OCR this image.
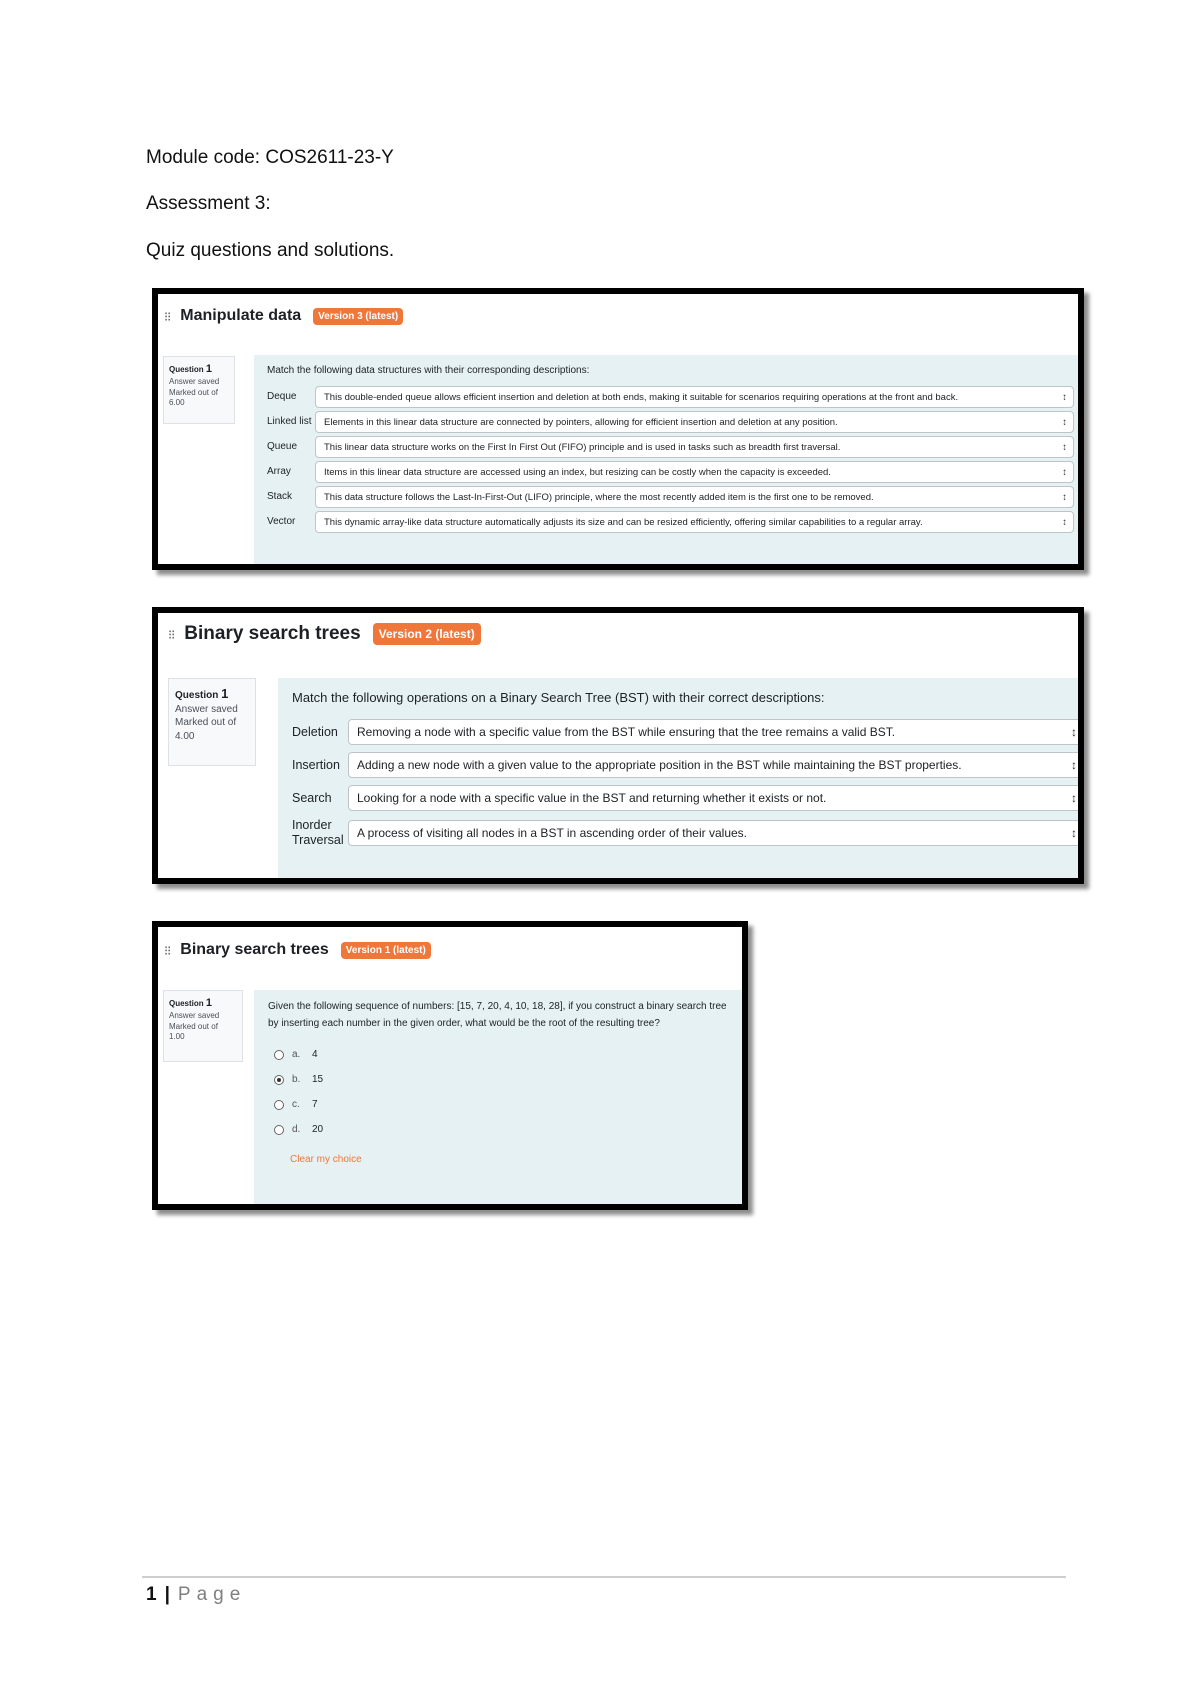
Module code: COS2611-23-Y

Assessment 3:

Quiz questions and solutions.

⁝⁝ Manipulate data	Version 3 (latest)
Question 1
Answer saved
Marked out of
6.00
Match the following data structures with their corresponding descriptions:
Deque	This double-ended queue allows efficient insertion and deletion at both ends, making it suitable for scenarios requiring operations at the front and back.	↕
Linked list	Elements in this linear data structure are connected by pointers, allowing for efficient insertion and deletion at any position.	↕
Queue	This linear data structure works on the First In First Out (FIFO) principle and is used in tasks such as breadth first traversal.	↕
Array	Items in this linear data structure are accessed using an index, but resizing can be costly when the capacity is exceeded.	↕
Stack	This data structure follows the Last-In-First-Out (LIFO) principle, where the most recently added item is the first one to be removed.	↕
Vector	This dynamic array-like data structure automatically adjusts its size and can be resized efficiently, offering similar capabilities to a regular array.	↕
⁝⁝ Binary search trees	Version 2 (latest)
Question 1
Answer saved
Marked out of
4.00
Match the following operations on a Binary Search Tree (BST) with their correct descriptions:
Deletion	Removing a node with a specific value from the BST while ensuring that the tree remains a valid BST.	↕
Insertion	Adding a new node with a given value to the appropriate position in the BST while maintaining the BST properties.	↕
Search	Looking for a node with a specific value in the BST and returning whether it exists or not.	↕
Inorder Traversal	A process of visiting all nodes in a BST in ascending order of their values.	↕
⁝⁝ Binary search trees	Version 1 (latest)
Question 1
Answer saved
Marked out of
1.00
Given the following sequence of numbers: [15, 7, 20, 4, 10, 18, 28], if you construct a binary search tree by inserting each number in the given order, what would be the root of the resulting tree?
a.	4
b.	15
c.	7
d.	20
Clear my choice
1 | Page
